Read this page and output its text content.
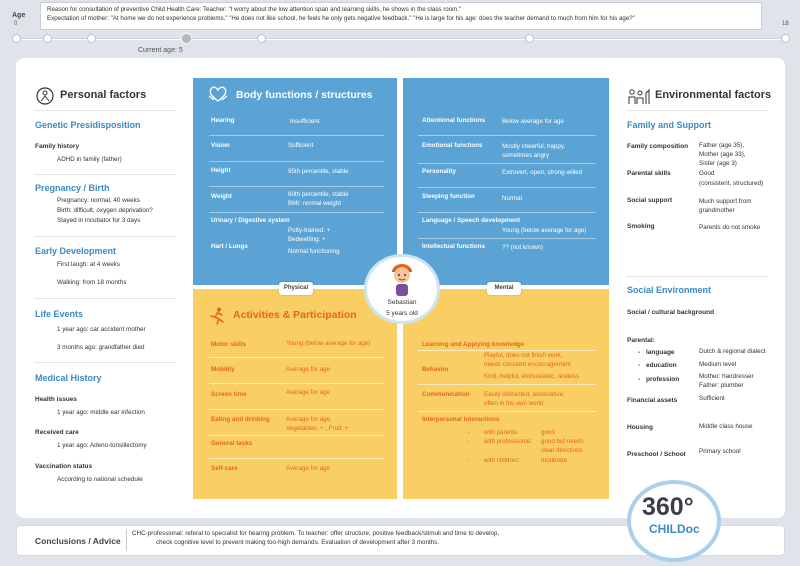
Reason for consultation of preventive Child Health Care: Teacher: "I worry about the low attention span and learning skills, he shows in the class room."
Expectation of mother: "At home we do not experience problems." "He does not like school, he feels he only gets negative feedback." "He is large for his age: does the teacher demand to much from him for his age?"
Age
0	18
Current age: 5
Personal factors
Genetic Presidisposition
Family history
ADHD in family (father)
Pregnancy / Birth
Pregnancy: normal, 40 weeks
Birth: difficult, oxygen deprivation?
Stayed in incubator for 3 days
Early Development
First laugh: at 4 weeks
Walking: from 18 months
Life Events
1 year ago: car accident mother
3 months ago: grandfather died
Medical History
Health issues
1 year ago: middle ear infection
Received care
1 year ago: Adeno-tonsillectomy
Vaccination status
According to national schedule
Body functions / structures
Hearing	Insufficient
Vision	Sufficient
Height	95th percentile, stable
Weight	60th percentile, stable
BMI: normal weight
Urinary / Digestive system
Potty-trained: +
Bedwetting: +
Hart / Lungs
Normal functioning
Attentional functions	Below average for age
Emotional functions	Mostly cheerful, happy,
sometimes angry
Personality	Extrovert, open, strong-willed
Sleeping function	Normal
Language / Speech development
Young (below average for age)
Intellectual functions	?? (not known)
Activities & Participation
Motor skills	Young (below average for age)
Mobility	Average for age
Screen time	Average for age
Eating and drinking	Average for age,
Vegetables: + , Fruit: +
General tasks
Self-care	Average for age
Learning and Applying knowledge
Behavior
Playful, does not finish work,
needs constant encouragement
Kind, helpful, enthusiastic, restless
Communication Easily distracted, associative,
often in his own world
Interpersonal interactions
- with parents	good
- with professional: good but needs
clear directions
- with children:	moderate
Physical	Mental
Sebastian
5 years old
Environmental factors
Family and Support
Family composition Father (age 35),
Mother (age 33),
Sister (age 3)
Parental skills	Good
(consistent, structured)
Social support	Much support from
grandmother
Smoking	Parents do not smoke
Social Environment
Social / cultural background
Parental:
- language	Dutch & regional dialect
- education	Medium level
- profession	Mother: hairdresser
Father: plumber
Financial assets	Sufficient
Housing	Middle class house
Preschool / School Primary school
Conclusions / Advice
CHC-professional: referal to specialist for hearing problem. To teacher: offer structure, positive feedback/stimuli and time to develop,
check cognitive level to prevent making too-high demands. Evaluation of development after 3 months.
360°
CHILDoc
